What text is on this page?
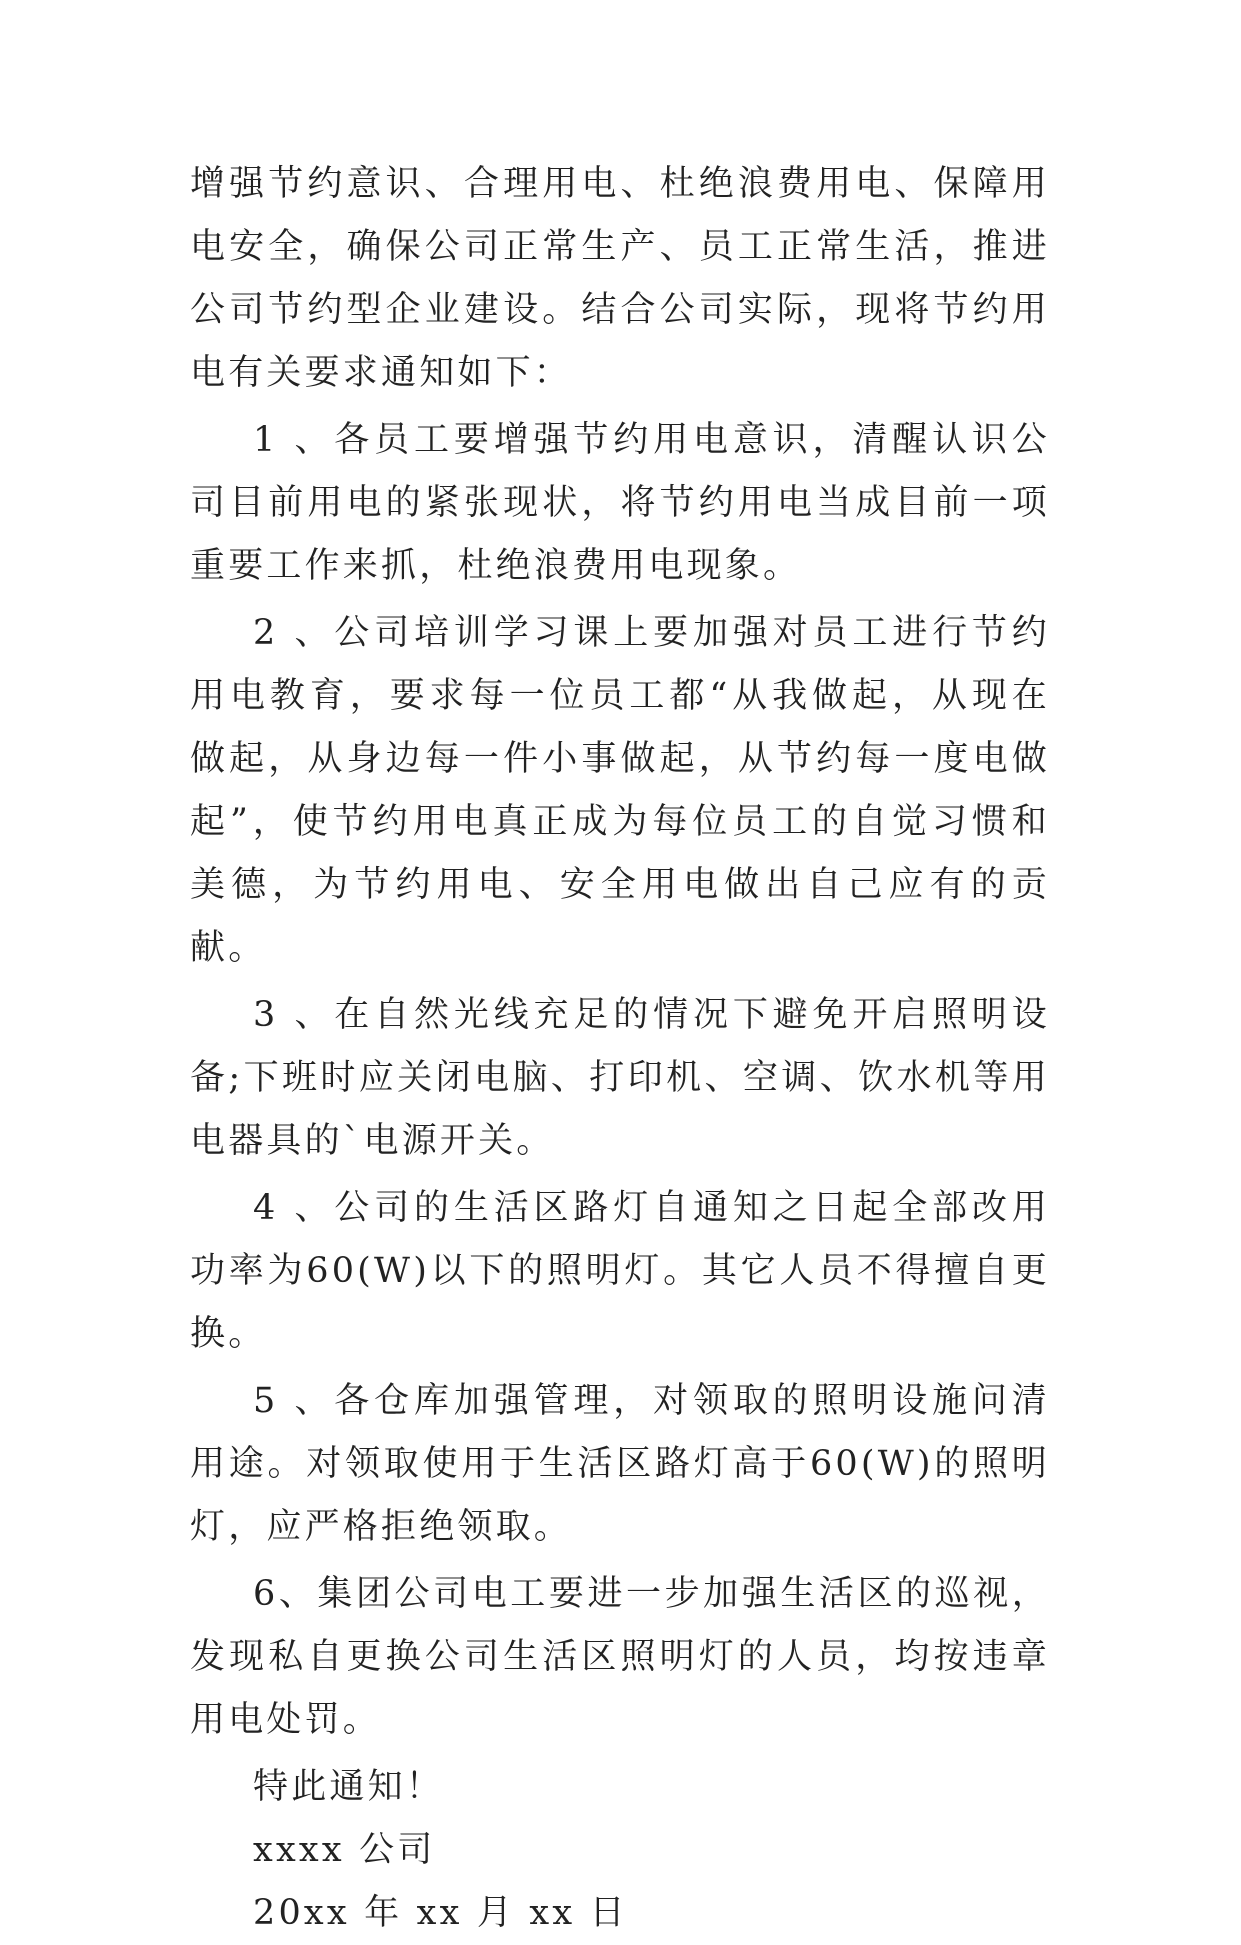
增强节约意识、合理用电、杜绝浪费用电、保障用电安全，确保公司正常生产、员工正常生活，推进公司节约型企业建设。结合公司实际，现将节约用电有关要求通知如下：

1 、各员工要增强节约用电意识，清醒认识公司目前用电的紧张现状，将节约用电当成目前一项重要工作来抓，杜绝浪费用电现象。

2 、公司培训学习课上要加强对员工进行节约用电教育，要求每一位员工都“从我做起，从现在做起，从身边每一件小事做起，从节约每一度电做起”，使节约用电真正成为每位员工的自觉习惯和美德，为节约用电、安全用电做出自己应有的贡献。

3 、在自然光线充足的情况下避免开启照明设备;下班时应关闭电脑、打印机、空调、饮水机等用电器具的`电源开关。

4 、公司的生活区路灯自通知之日起全部改用功率为60(W)以下的照明灯。其它人员不得擅自更换。

5 、各仓库加强管理，对领取的照明设施问清用途。对领取使用于生活区路灯高于60(W)的照明灯，应严格拒绝领取。

6、集团公司电工要进一步加强生活区的巡视，发现私自更换公司生活区照明灯的人员，均按违章用电处罚。

特此通知！

xxxx 公司

20xx 年 xx 月 xx 日
